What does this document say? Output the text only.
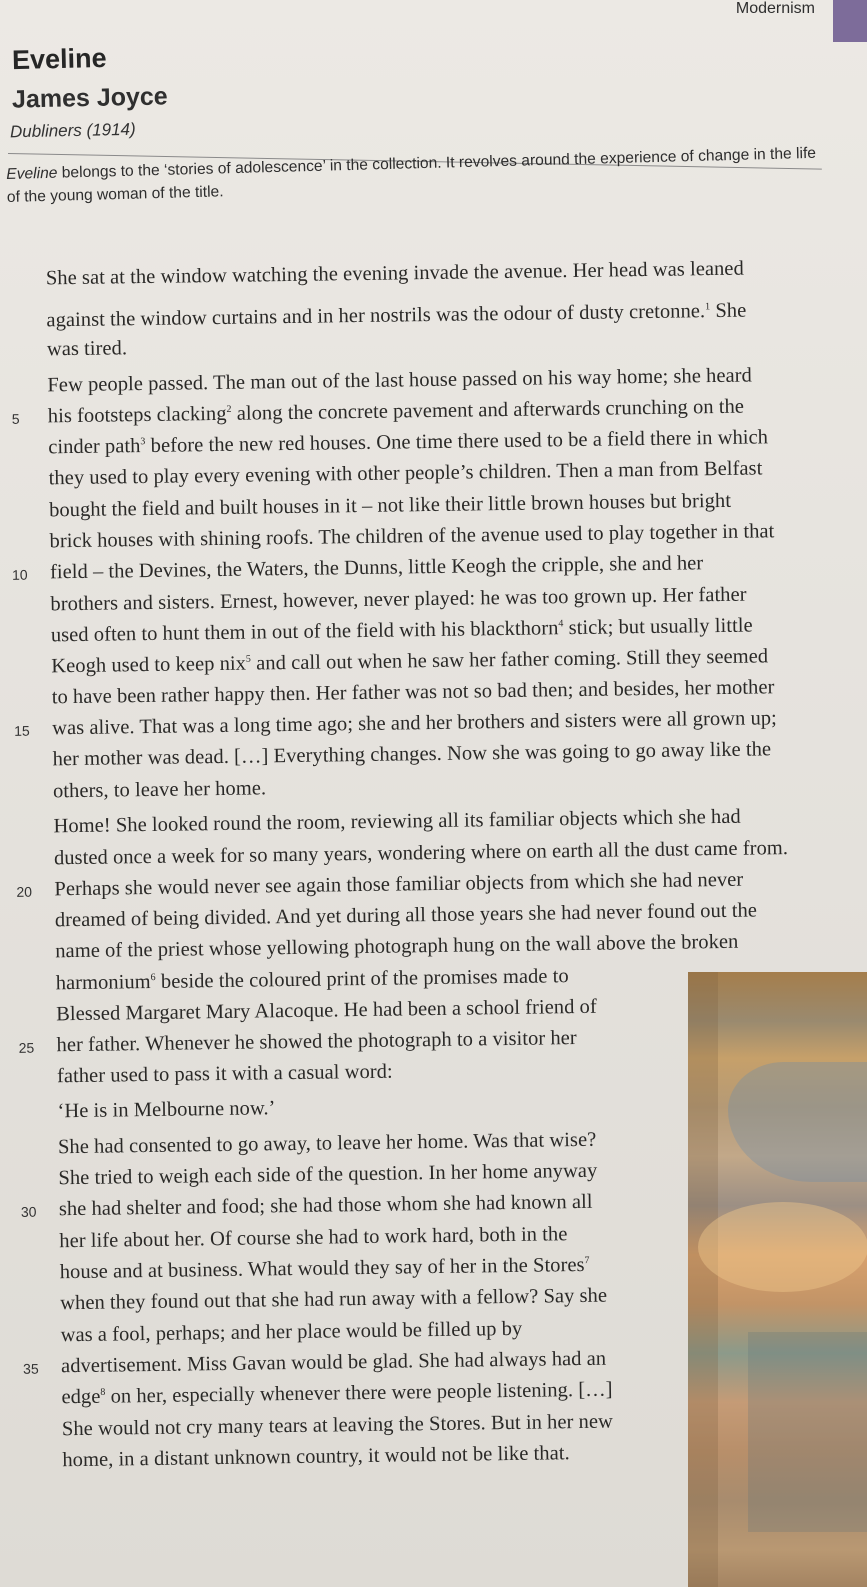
Modernism
Eveline
James Joyce
Dubliners (1914)

Eveline belongs to the ‘stories of adolescence’ in the collection. It revolves around the experience of change in the life of the young woman of the title.

She sat at the window watching the evening invade the avenue. Her head was leaned
against the window curtains and in her nostrils was the odour of dusty cretonne.$^1$ She
was tired.
Few people passed. The man out of the last house passed on his way home; she heard
5 his footsteps clacking$^2$ along the concrete pavement and afterwards crunching on the
cinder path$^3$ before the new red houses. One time there used to be a field there in which
they used to play every evening with other people’s children. Then a man from Belfast
bought the field and built houses in it – not like their little brown houses but bright
brick houses with shining roofs. The children of the avenue used to play together in that
10 field – the Devines, the Waters, the Dunns, little Keogh the cripple, she and her
brothers and sisters. Ernest, however, never played: he was too grown up. Her father
used often to hunt them in out of the field with his blackthorn$^4$ stick; but usually little
Keogh used to keep nix$^5$ and call out when he saw her father coming. Still they seemed
to have been rather happy then. Her father was not so bad then; and besides, her mother
15 was alive. That was a long time ago; she and her brothers and sisters were all grown up;
her mother was dead. […] Everything changes. Now she was going to go away like the
others, to leave her home.
Home! She looked round the room, reviewing all its familiar objects which she had
dusted once a week for so many years, wondering where on earth all the dust came from.
20 Perhaps she would never see again those familiar objects from which she had never
dreamed of being divided. And yet during all those years she had never found out the
name of the priest whose yellowing photograph hung on the wall above the broken
harmonium$^6$ beside the coloured print of the promises made to
Blessed Margaret Mary Alacoque. He had been a school friend of
25 her father. Whenever he showed the photograph to a visitor her
father used to pass it with a casual word:
‘He is in Melbourne now.’
She had consented to go away, to leave her home. Was that wise?
She tried to weigh each side of the question. In her home anyway
30 she had shelter and food; she had those whom she had known all
her life about her. Of course she had to work hard, both in the
house and at business. What would they say of her in the Stores$^7$
when they found out that she had run away with a fellow? Say she
was a fool, perhaps; and her place would be filled up by
35 advertisement. Miss Gavan would be glad. She had always had an
edge$^8$ on her, especially whenever there were people listening. […]
She would not cry many tears at leaving the Stores. But in her new
home, in a distant unknown country, it would not be like that.
